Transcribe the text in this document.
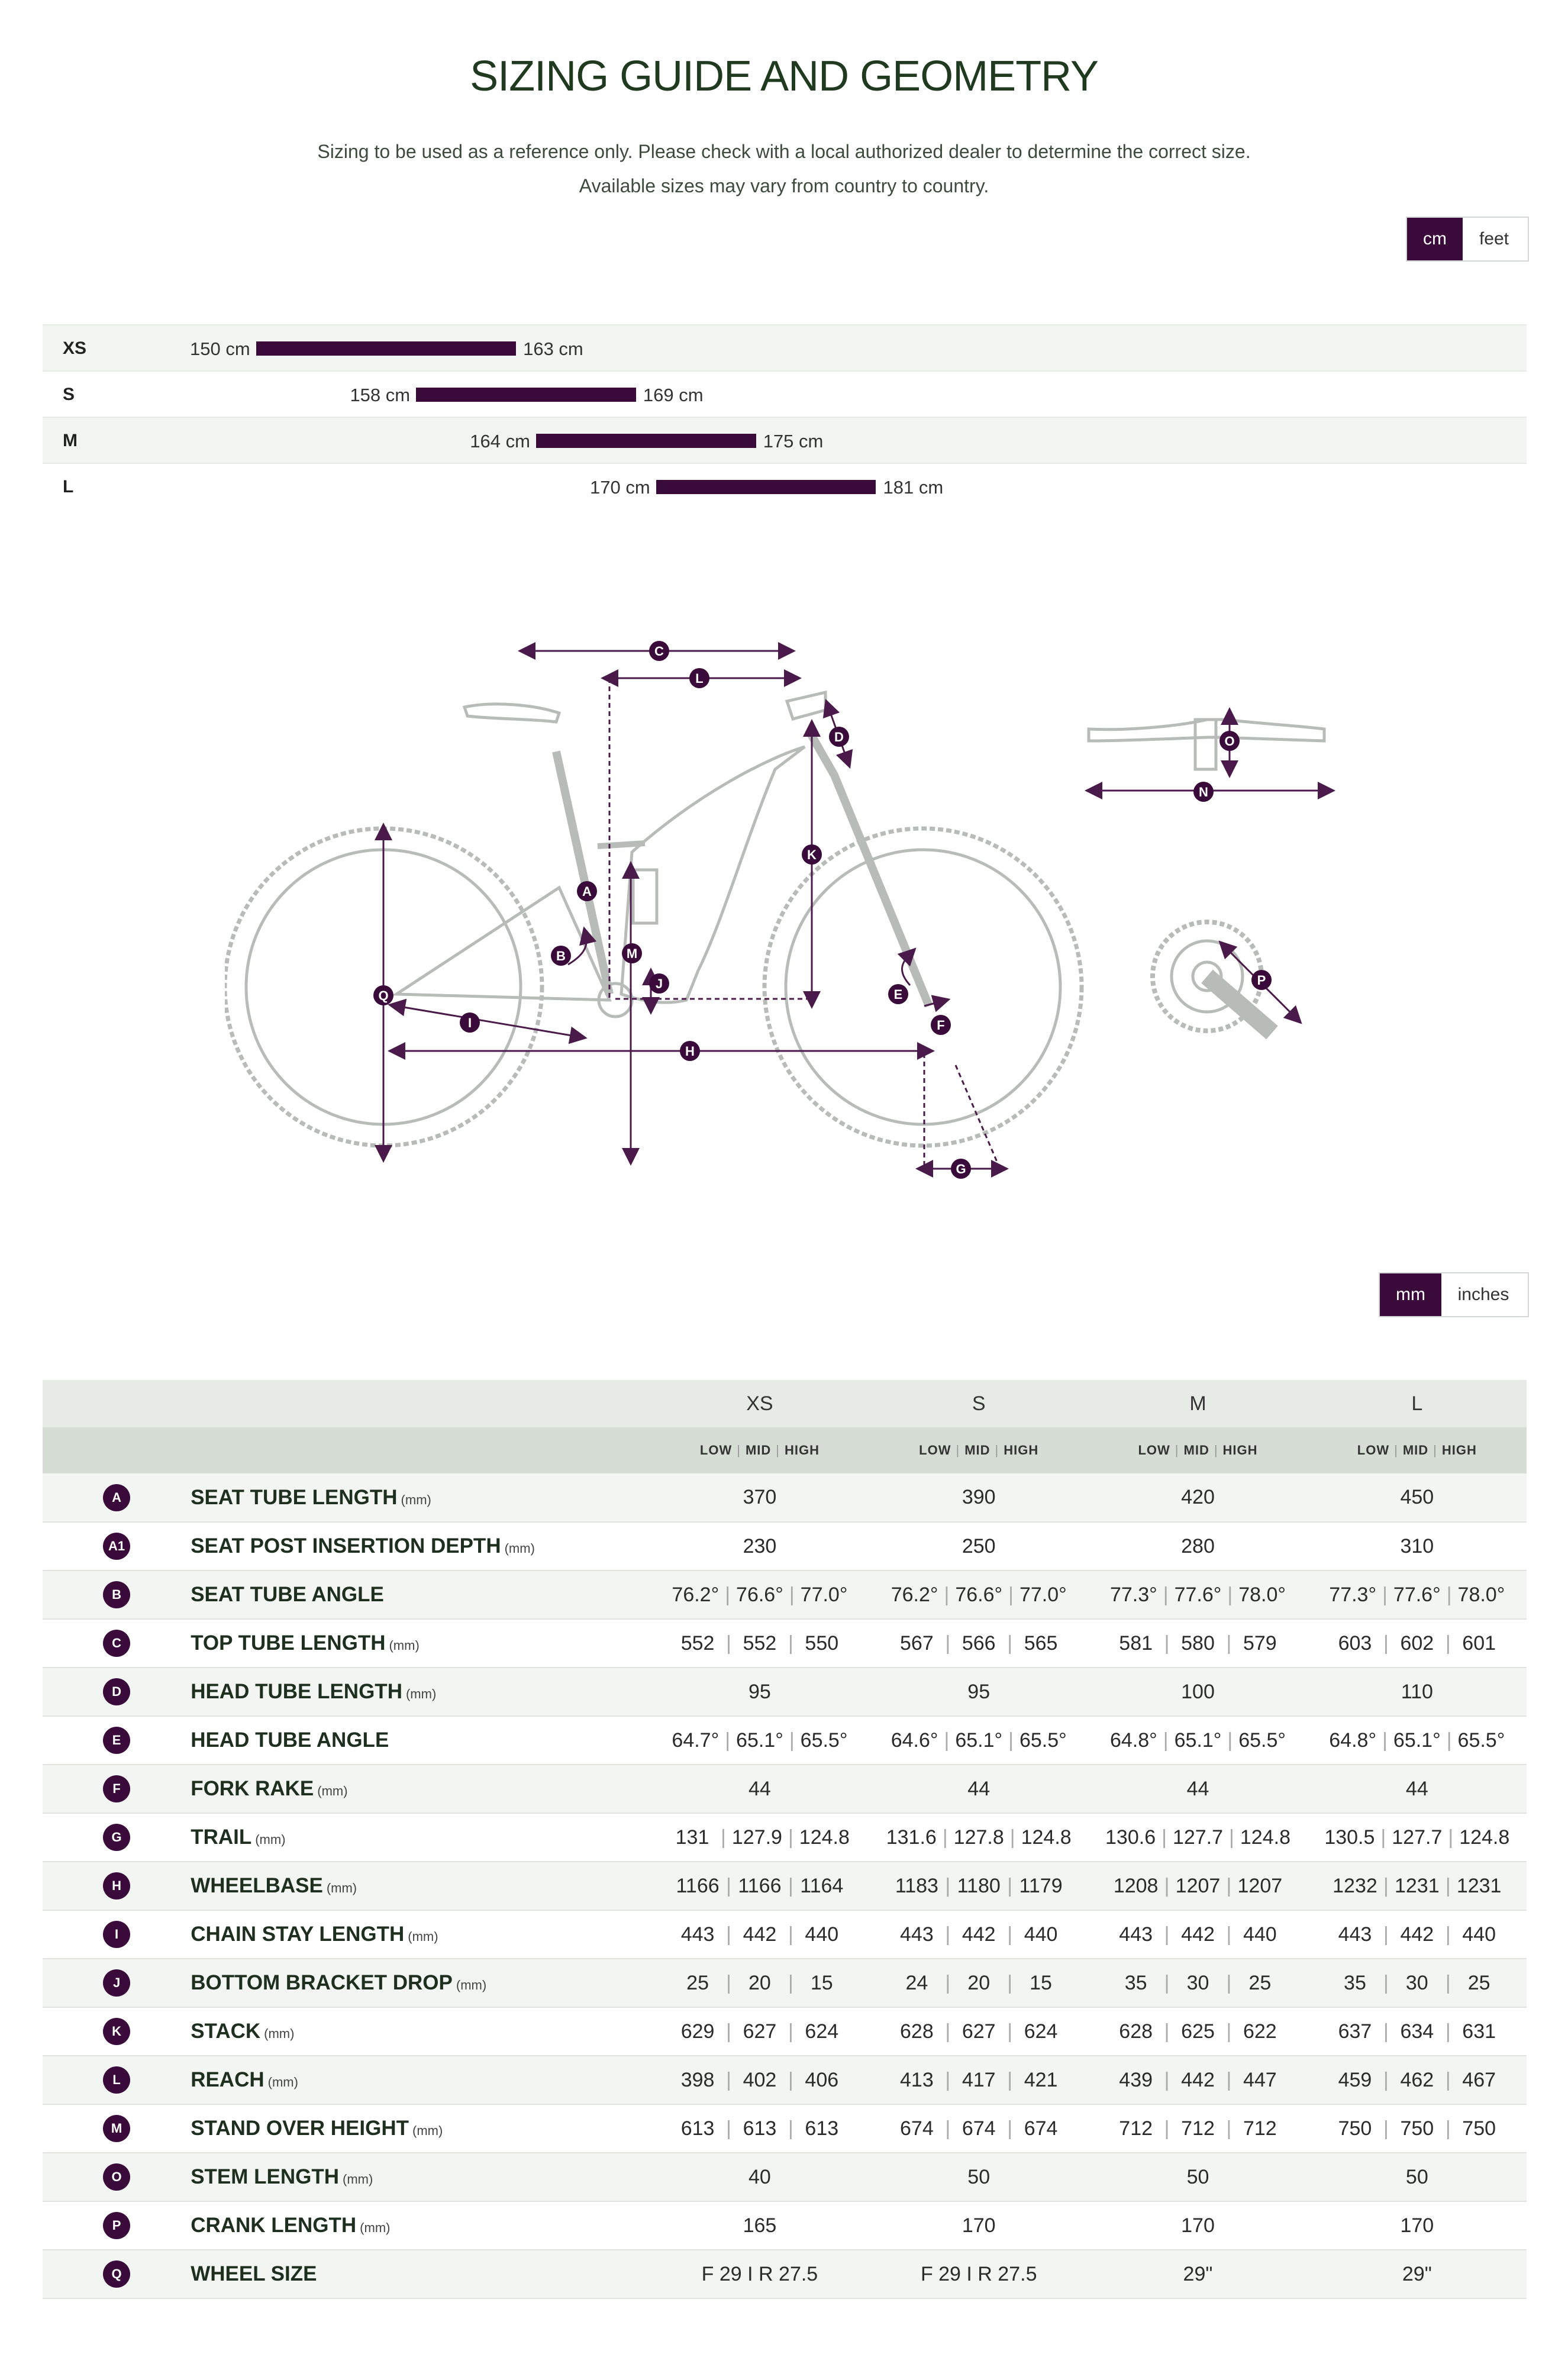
SIZING GUIDE AND GEOMETRY
Sizing to be used as a reference only. Please check with a local authorized dealer to determine the correct size.
Available sizes may vary from country to country.
cm	feet
XS	150 cm	163 cm
S	158 cm	169 cm
M	164 cm	175 cm
L	170 cm	181 cm
C
L
D
K
A
B	M
J
E
F
Q
I
H
G
O
N
P
mm	inches
		XS	S	M	L
		LOW | MID | HIGH	LOW | MID | HIGH	LOW | MID | HIGH	LOW | MID | HIGH
A	SEAT TUBE LENGTH (mm)	370	390	420	450
A1	SEAT POST INSERTION DEPTH (mm)	230	250	280	310
B	SEAT TUBE ANGLE	76.2° | 76.6° | 77.0°	76.2° | 76.6° | 77.0°	77.3° | 77.6° | 78.0°	77.3° | 77.6° | 78.0°
C	TOP TUBE LENGTH (mm)	552 | 552 | 550	567 | 566 | 565	581 | 580 | 579	603 | 602 | 601
D	HEAD TUBE LENGTH (mm)	95	95	100	110
E	HEAD TUBE ANGLE	64.7° | 65.1° | 65.5°	64.6° | 65.1° | 65.5°	64.8° | 65.1° | 65.5°	64.8° | 65.1° | 65.5°
F	FORK RAKE (mm)	44	44	44	44
G	TRAIL (mm)	131 | 127.9 | 124.8	131.6 | 127.8 | 124.8	130.6 | 127.7 | 124.8	130.5 | 127.7 | 124.8
H	WHEELBASE (mm)	1166 | 1166 | 1164	1183 | 1180 | 1179	1208 | 1207 | 1207	1232 | 1231 | 1231
I	CHAIN STAY LENGTH (mm)	443 | 442 | 440	443 | 442 | 440	443 | 442 | 440	443 | 442 | 440
J	BOTTOM BRACKET DROP (mm)	25 | 20 | 15	24 | 20 | 15	35 | 30 | 25	35 | 30 | 25
K	STACK (mm)	629 | 627 | 624	628 | 627 | 624	628 | 625 | 622	637 | 634 | 631
L	REACH (mm)	398 | 402 | 406	413 | 417 | 421	439 | 442 | 447	459 | 462 | 467
M	STAND OVER HEIGHT (mm)	613 | 613 | 613	674 | 674 | 674	712 | 712 | 712	750 | 750 | 750
O	STEM LENGTH (mm)	40	50	50	50
P	CRANK LENGTH (mm)	165	170	170	170
Q	WHEEL SIZE	F 29 I R 27.5	F 29 I R 27.5	29"	29"
